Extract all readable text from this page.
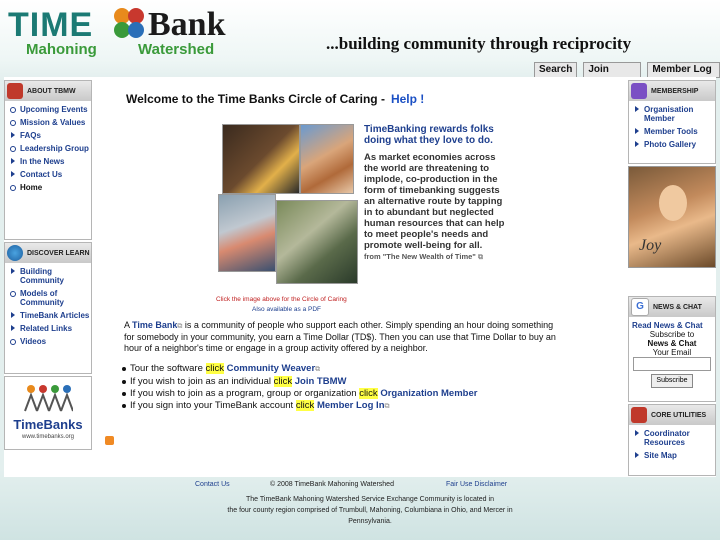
TIME Bank
Mahoning	Watershed	...building community through reciprocity
Search	Join	Member Log
ABOUT TBMW
Upcoming Events
Mission & Values
FAQs
Leadership Group
In the News
Contact Us
Home
DISCOVER LEARN
Building Community
Models of Community
TimeBank Articles
Related Links
Videos
TimeBanks
www.timebanks.org
MEMBERSHIP
Organisation Member
Member Tools
Photo Gallery
Joy
G	NEWS & CHAT
Read News & Chat
Subscribe to
News & Chat
Your Email
Subscribe
CORE UTILITIES
Coordinator Resources
Site Map
Welcome to the Time Banks Circle of Caring - Help !
TimeBanking rewards folks doing what they love to do.
As market economies across the world are threatening to implode, co-production in the form of timebanking suggests an alternative route by tapping in to abundant but neglected human resources that can help to meet people's needs and promote well-being for all.
from "The New Wealth of Time" ⧉
Click the image above for the Circle of Caring
Also available as a PDF
A Time Bank⧉ is a community of people who support each other. Simply spending an hour doing something for somebody in your community, you earn a Time Dollar (TD$). Then you can use that Time Dollar to buy an hour of a neighbor's time or engage in a group activity offered by a neighbor.
Tour the software click Community Weaver⧉
If you wish to join as an individual click Join TBMW
If you wish to join as a program, group or organization click Organization Member
If you sign into your TimeBank account click Member Log In⧉
Contact Us	© 2008 TimeBank Mahoning Watershed	Fair Use Disclaimer
The TimeBank Mahoning Watershed Service Exchange Community is located in
the four county region comprised of Trumbull, Mahoning, Columbiana in Ohio, and Mercer in
Pennsylvania.
